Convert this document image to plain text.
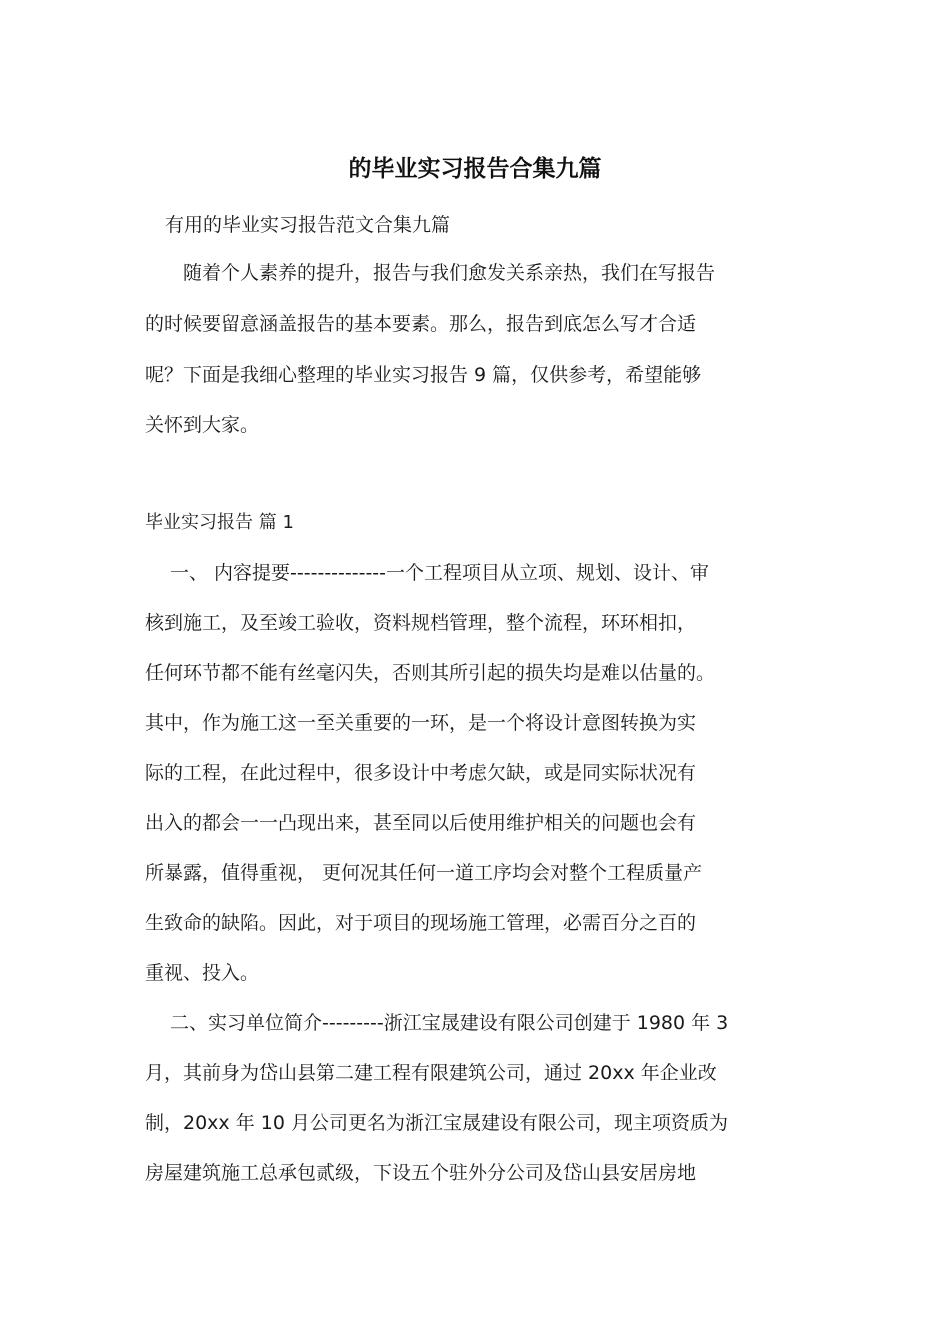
的毕业实习报告合集九篇

有用的毕业实习报告范文合集九篇

随着个人素养的提升，报告与我们愈发关系亲热，我们在写报告

的时候要留意涵盖报告的基本要素。那么，报告到底怎么写才合适

呢？下面是我细心整理的毕业实习报告 9 篇，仅供参考，希望能够

关怀到大家。

毕业实习报告 篇 1

一、 内容提要--------------一个工程项目从立项、规划、设计、审

核到施工，及至竣工验收，资料规档管理，整个流程，环环相扣，

任何环节都不能有丝毫闪失，否则其所引起的损失均是难以估量的。

其中，作为施工这一至关重要的一环，是一个将设计意图转换为实

际的工程，在此过程中，很多设计中考虑欠缺，或是同实际状况有

出入的都会一一凸现出来，甚至同以后使用维护相关的问题也会有

所暴露，值得重视， 更何况其任何一道工序均会对整个工程质量产

生致命的缺陷。因此，对于项目的现场施工管理，必需百分之百的

重视、投入。

二、实习单位简介---------浙江宝晟建设有限公司创建于 1980 年 3

月，其前身为岱山县第二建工程有限建筑公司，通过 20xx 年企业改

制，20xx 年 10 月公司更名为浙江宝晟建设有限公司，现主项资质为

房屋建筑施工总承包贰级，下设五个驻外分公司及岱山县安居房地
